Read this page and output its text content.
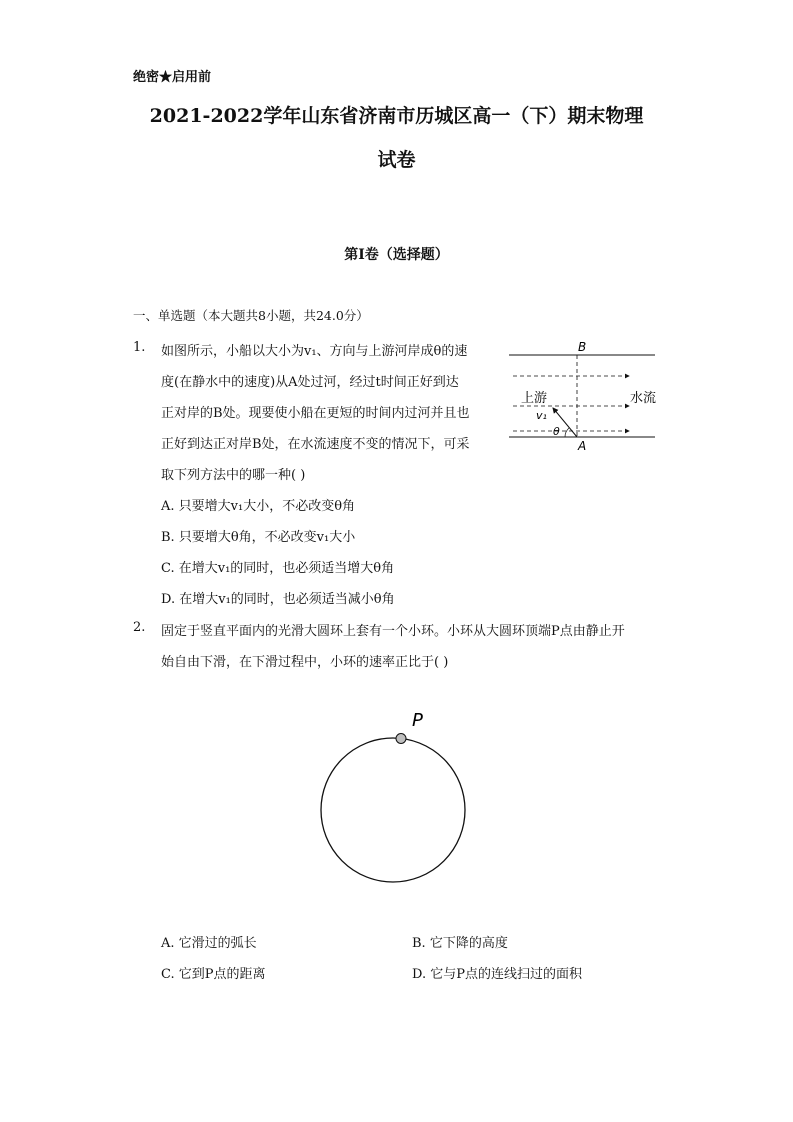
绝密★启用前
2021-2022学年山东省济南市历城区高一（下）期末物理
试卷
第I卷（选择题）
一、单选题（本大题共8小题，共24.0分）
1. 如图所示，小船以大小为v₁、方向与上游河岸成θ的速
度(在静水中的速度)从A处过河，经过t时间正好到达
正对岸的B处。现要使小船在更短的时间内过河并且也
正好到达正对岸B处，在水流速度不变的情况下，可采
取下列方法中的哪一种( )
A. 只要增大v₁大小，不必改变θ角
B. 只要增大θ角，不必改变v₁大小
C. 在增大v₁的同时，也必须适当增大θ角
D. 在增大v₁的同时，也必须适当减小θ角
B
A
上游	水流
v₁
θ
2. 固定于竖直平面内的光滑大圆环上套有一个小环。小环从大圆环顶端P点由静止开
始自由下滑，在下滑过程中，小环的速率正比于( )
P
A. 它滑过的弧长	B. 它下降的高度
C. 它到P点的距离	D. 它与P点的连线扫过的面积
